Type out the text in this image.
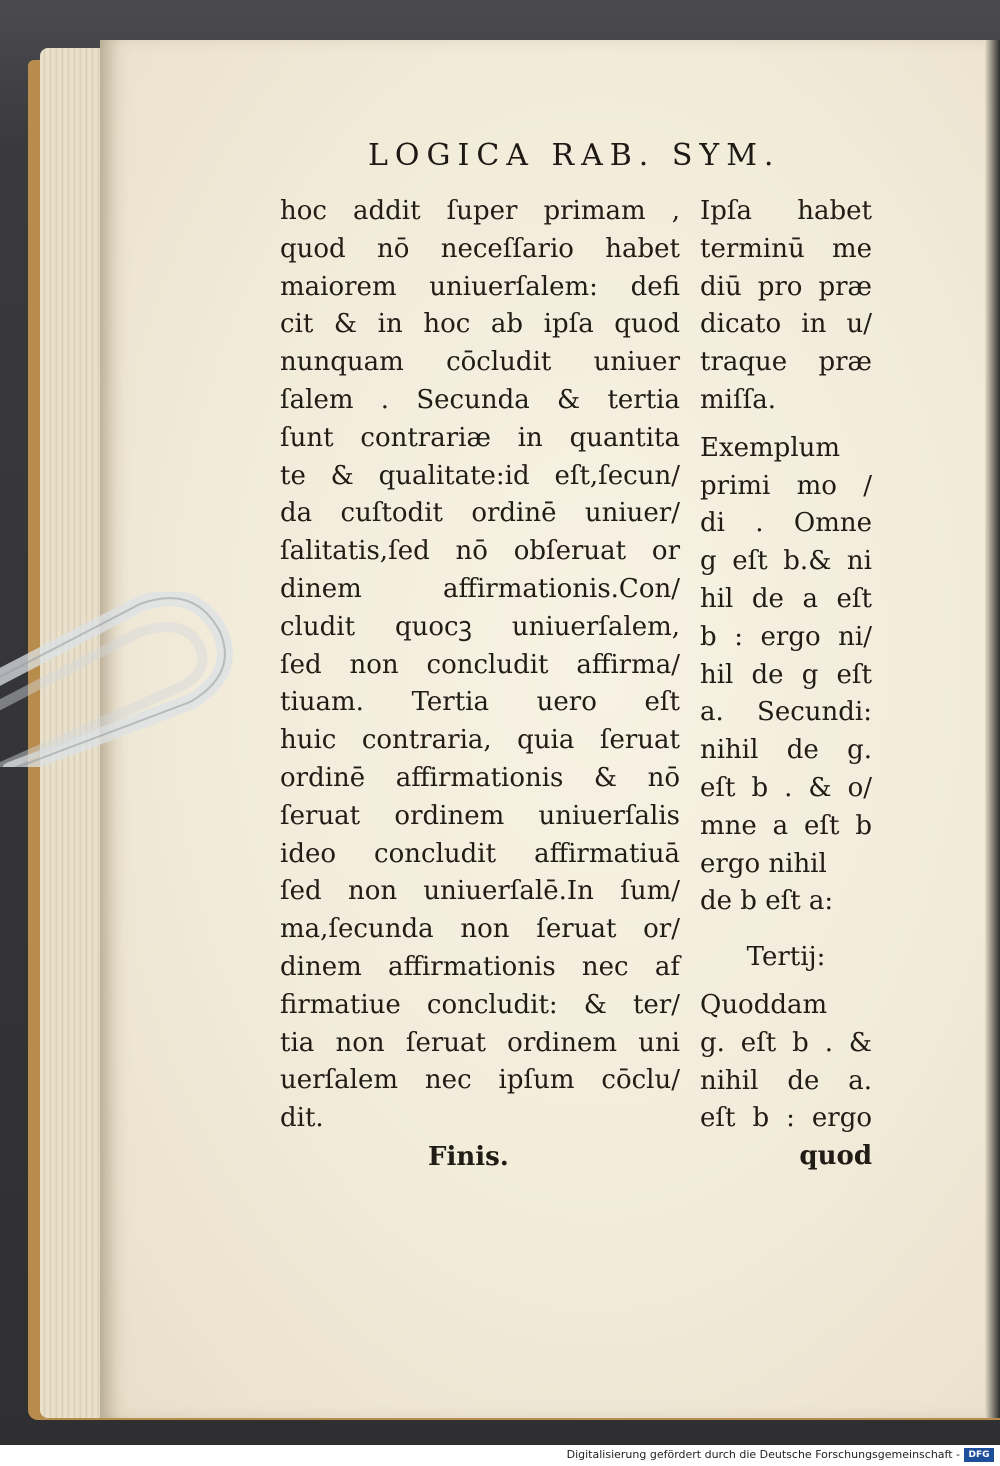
LOGICA RAB. SYM.
hoc addit ſuper primam ,
quod nō neceſſario habet
maiorem uniuerſalem: defi
cit & in hoc ab ipſa quod
nunquam cōcludit uniuer
ſalem . Secunda & tertia
ſunt contrariæ in quantita
te & qualitate:id eſt,ſecun/
da cuſtodit ordinē uniuer/
ſalitatis,ſed nō obſeruat or
dinem affirmationis.Con/
cludit quocꝫ uniuerſalem,
ſed non concludit affirma/
tiuam. Tertia uero eſt
huic contraria, quia ſeruat
ordinē affirmationis & nō
ſeruat ordinem uniuerſalis
ideo concludit affirmatiuā
ſed non uniuerſalē.In ſum/
ma,ſecunda non ſeruat or/
dinem affirmationis nec af
firmatiue concludit: & ter/
tia non ſeruat ordinem uni
uerſalem nec ipſum cōclu/
dit.
Finis.
Ipſa habet
terminū me
diū pro præ
dicato in u/
traque præ
miſſa.
Exemplum
primi mo /
di . Omne
g eſt b.& ni
hil de a eſt
b : ergo ni/
hil de g eſt
a. Secundi:
nihil de g.
eſt b . & o/
mne a eſt b
ergo nihil
de b eſt a:
Tertij:
Quoddam
g. eſt b . &
nihil de a.
eſt b : ergo
quod
Digitalisierung gefördert durch die Deutsche Forschungsgemeinschaft - DFG
